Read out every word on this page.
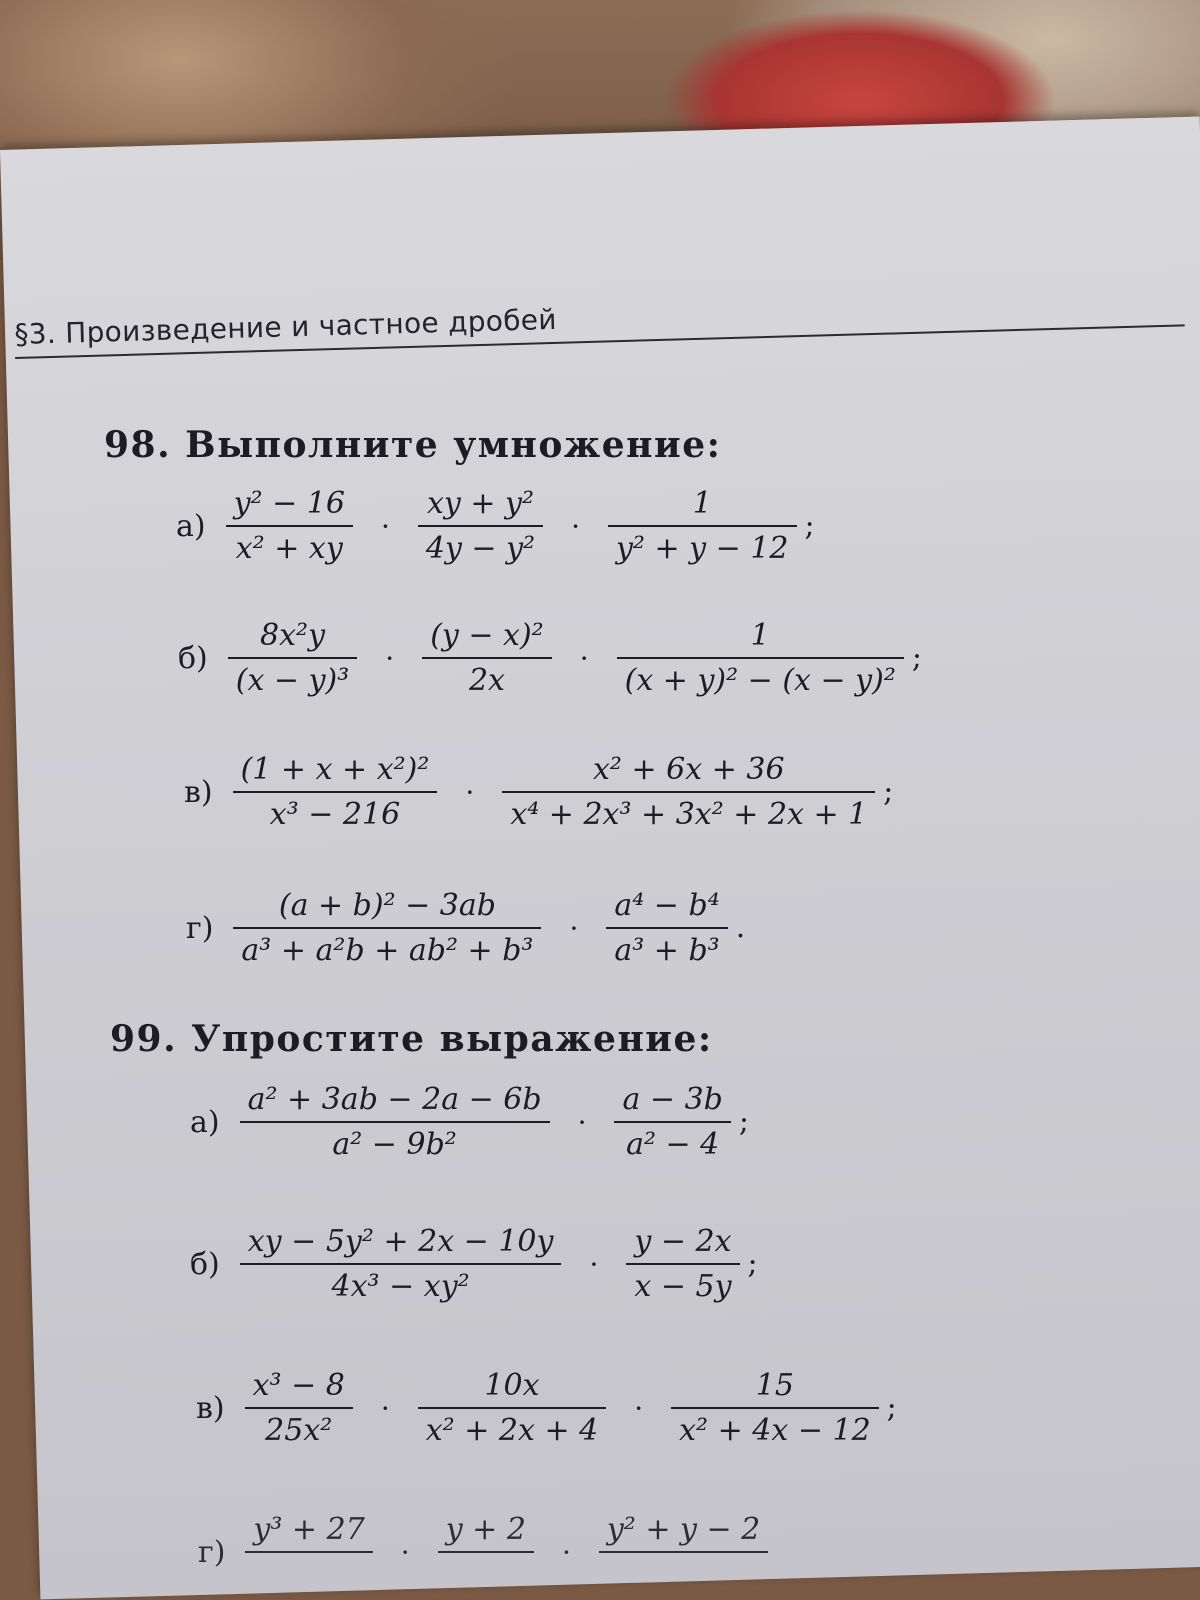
§3. Произведение и частное дробей
98. Выполните умножение:
$а) \frac{\text{y² − 16}}{\text{x² + xy}} \cdot \frac{\text{xy + y²}}{\text{4y − y²}} \cdot \frac{1}{\text{y² + y − 12}}$ ;
$б) \frac{\text{8x²y}}{\text{(x − y)³}} \cdot \frac{\text{(y − x)²}}{2x} \cdot \frac{1}{\text{(x + y)² − (x − y)²}}$ ;
$в) \frac{\text{(1 + x + x²)²}}{\text{x³ − 216}} \cdot \frac{\text{x² + 6x + 36}}{\text{x⁴ + 2x³ + 3x² + 2x + 1}}$ ;
$г) \frac{\text{(a + b)² − 3ab}}{\text{a³ + a²b + ab² + b³}} \cdot \frac{\text{a⁴ − b⁴}}{\text{a³ + b³}}$ .
99. Упростите выражение:
$а) \frac{\text{a² + 3ab − 2a − 6b}}{\text{a² − 9b²}} \cdot \frac{a - 3b}{\text{a² − 4}}$ ;
$б) \frac{\text{xy − 5y² + 2x − 10y}}{\text{4x³ − xy²}} \cdot \frac{y - 2x}{x - 5y}$ ;
$в) \frac{\text{x³ − 8}}{\text{25x²}} \cdot \frac{10x}{\text{x² + 2x + 4}} \cdot \frac{15}{\text{x² + 4x − 12}}$ ;
г)
y³ + 27

·
y + 2

·
y² + y − 2
